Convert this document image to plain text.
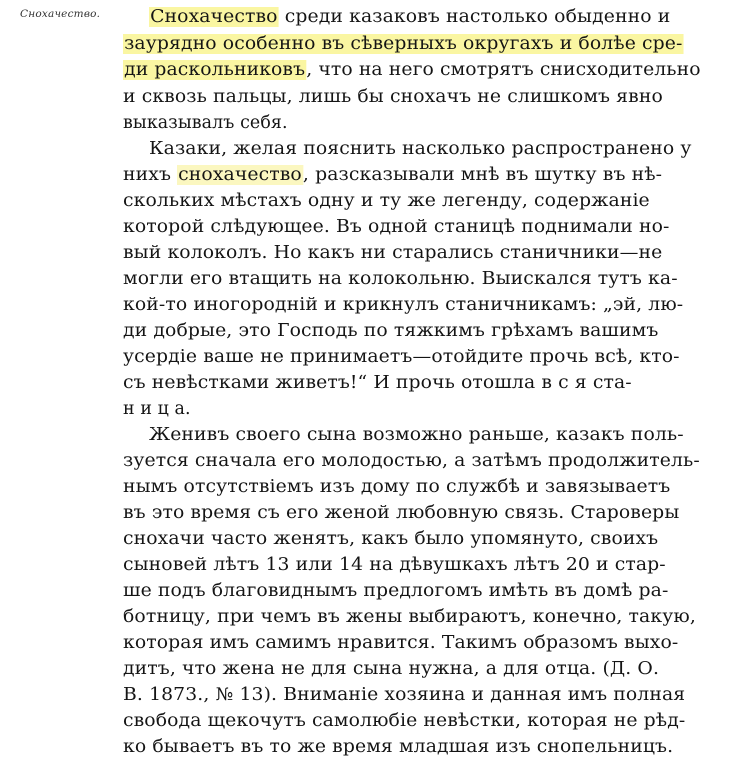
Снохачество.	Снохачество среди казаковъ настолько обыденно и
зауряднo особенно въ сѣверныхъ округахъ и болѣе сре-
ди раскольниковъ, что на него смотрятъ снисходительно
и сквозь пальцы, лишь бы снохачъ не слишкомъ явно
выказывалъ себя.
Казаки, желая пояснить насколько распространено у
нихъ снохачество, разсказывали мнѣ въ шутку въ нѣ-
скольких мѣстахъ одну и ту же легенду, содержаніе
которой слѣдующее. Въ одной станицѣ поднимали но-
вый колоколъ. Но какъ ни старались станичники—не
могли его втащить на колокольню. Выискался тутъ ка-
кой-то иногородній и крикнулъ станичникамъ: „эй, лю-
ди добрые, это Господь по тяжкимъ грѣхамъ вашимъ
усердіе ваше не принимаетъ—отойдите прочь всѣ, кто-
съ невѣстками живетъ!“ И прочь отошла в с я ста-
н и ц а.
Женивъ своего сына возможно раньше, казакъ поль-
зуется сначала его молодостью, а затѣмъ продолжитель-
нымъ отсутствіемъ изъ дому по службѣ и завязываетъ
въ это время съ его женой любовную связь. Староверы
снохачи часто женятъ, какъ было упомянуто, своихъ
сыновей лѣтъ 13 или 14 на дѣвушкахъ лѣтъ 20 и стар-
ше подъ благовиднымъ предлогомъ имѣть въ домѣ ра-
ботницу, при чемъ въ жены выбираютъ, конечно, такую,
которая имъ самимъ нравится. Такимъ образомъ выхо-
дитъ, что жена не для сына нужна, а для отца. (Д. О.
В. 1873., № 13). Вниманіе хозяина и данная имъ полная
свобода щекочутъ самолюбіе невѣстки, которая не рѣд-
ко бываетъ въ то же время младшая изъ снопельницъ.
